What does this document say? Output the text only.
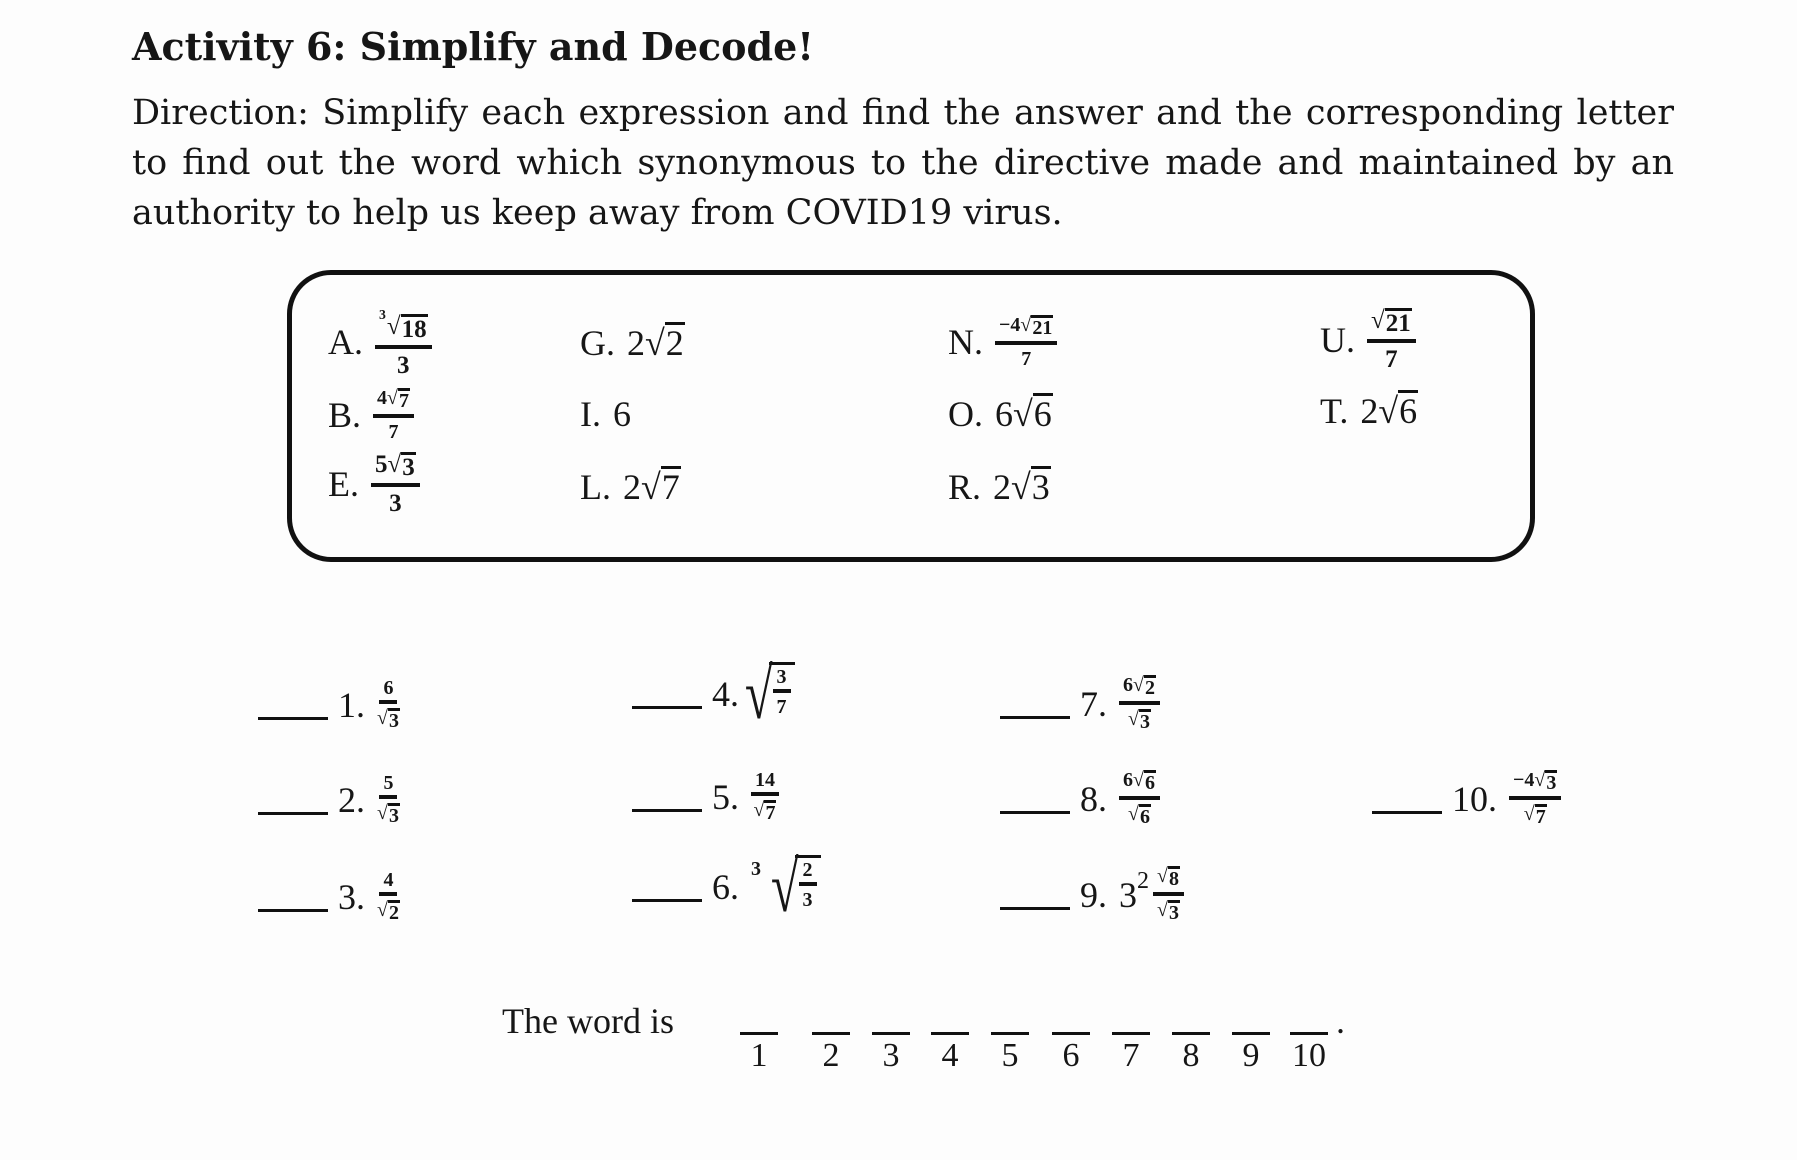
Activity 6: Simplify and Decode!
Direction: Simplify each expression and find the answer and the corresponding letter to find out the word which synonymous to the directive made and maintained by an authority to help us keep away from COVID19 virus.
A. $\frac{3 √ 18}{3}$
B. $\frac{4 √ 7}{7}$
E. $\frac{5 √ 3}{3}$
G. 2 √ 2
I. 6
L. 2 √ 7
N. $\frac{-4 √ 21}{7}$
O. 6 √ 6
R. 2 √ 3
U. $\frac{√ 21}{7}$
T. 2 √ 6
1. $\frac{6}{√ 3}$
2. $\frac{5}{√ 3}$
3. $\frac{4}{√ 2}$
4. √ $\frac{3}{7}$
5. $\frac{14}{√ 7}$
6. 3 √ $\frac{2}{3}$
7. $\frac{6 √ 2}{√ 3}$
8. $\frac{6 √ 6}{√ 6}$
9. 3 $2 \frac{√ 8}{√ 3}$
10. $\frac{-4 √ 3}{√ 7}$
The word is
1 2 3 4 5 6 7 8 9 10
.
